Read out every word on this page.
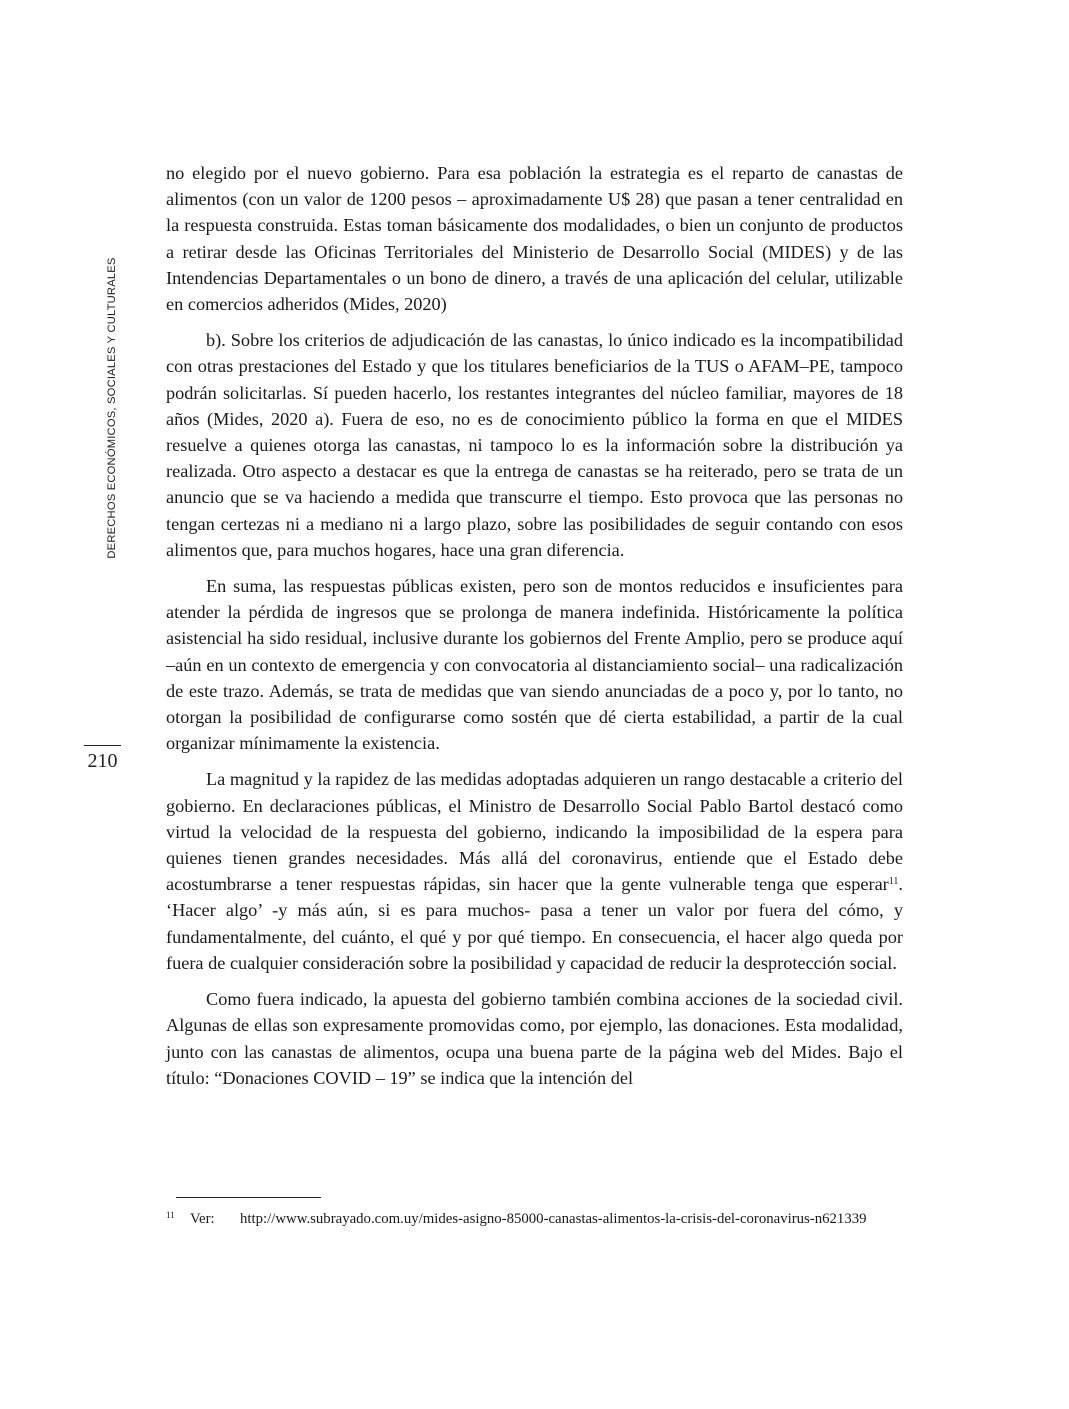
DERECHOS ECONÓMICOS, SOCIALES Y CULTURALES
210

no elegido por el nuevo gobierno. Para esa población la estrategia es el reparto de canastas de alimentos (con un valor de 1200 pesos – aproximadamente U$ 28) que pasan a tener centralidad en la respuesta construida. Estas toman básicamente dos modalidades, o bien un conjunto de productos a retirar desde las Oficinas Territoriales del Ministerio de Desarrollo Social (MIDES) y de las Intendencias Departamentales o un bono de dinero, a través de una aplicación del celular, utilizable en comercios adheridos (Mides, 2020)

b). Sobre los criterios de adjudicación de las canastas, lo único indicado es la incompatibilidad con otras prestaciones del Estado y que los titulares beneficiarios de la TUS o AFAM–PE, tampoco podrán solicitarlas. Sí pueden hacerlo, los restantes integrantes del núcleo familiar, mayores de 18 años (Mides, 2020 a). Fuera de eso, no es de conocimiento público la forma en que el MIDES resuelve a quienes otorga las canastas, ni tampoco lo es la información sobre la distribución ya realizada. Otro aspecto a destacar es que la entrega de canastas se ha reiterado, pero se trata de un anuncio que se va haciendo a medida que transcurre el tiempo. Esto provoca que las personas no tengan certezas ni a mediano ni a largo plazo, sobre las posibilidades de seguir contando con esos alimentos que, para muchos hogares, hace una gran diferencia.

En suma, las respuestas públicas existen, pero son de montos reducidos e insuficientes para atender la pérdida de ingresos que se prolonga de manera indefinida. Históricamente la política asistencial ha sido residual, inclusive durante los gobiernos del Frente Amplio, pero se produce aquí –aún en un contexto de emergencia y con convocatoria al distanciamiento social– una radicalización de este trazo. Además, se trata de medidas que van siendo anunciadas de a poco y, por lo tanto, no otorgan la posibilidad de configurarse como sostén que dé cierta estabilidad, a partir de la cual organizar mínimamente la existencia.

La magnitud y la rapidez de las medidas adoptadas adquieren un rango destacable a criterio del gobierno. En declaraciones públicas, el Ministro de Desarrollo Social Pablo Bartol destacó como virtud la velocidad de la respuesta del gobierno, indicando la imposibilidad de la espera para quienes tienen grandes necesidades. Más allá del coronavirus, entiende que el Estado debe acostumbrarse a tener respuestas rápidas, sin hacer que la gente vulnerable tenga que esperar$^{11}$. ‘Hacer algo’ -y más aún, si es para muchos- pasa a tener un valor por fuera del cómo, y fundamentalmente, del cuánto, el qué y por qué tiempo. En consecuencia, el hacer algo queda por fuera de cualquier consideración sobre la posibilidad y capacidad de reducir la desprotección social.

Como fuera indicado, la apuesta del gobierno también combina acciones de la sociedad civil. Algunas de ellas son expresamente promovidas como, por ejemplo, las donaciones. Esta modalidad, junto con las canastas de alimentos, ocupa una buena parte de la página web del Mides. Bajo el título: “Donaciones COVID – 19” se indica que la intención del

11 Ver: http://www.subrayado.com.uy/mides-asigno-85000-canastas-alimentos-la-crisis-del-coronavirus-n621339
